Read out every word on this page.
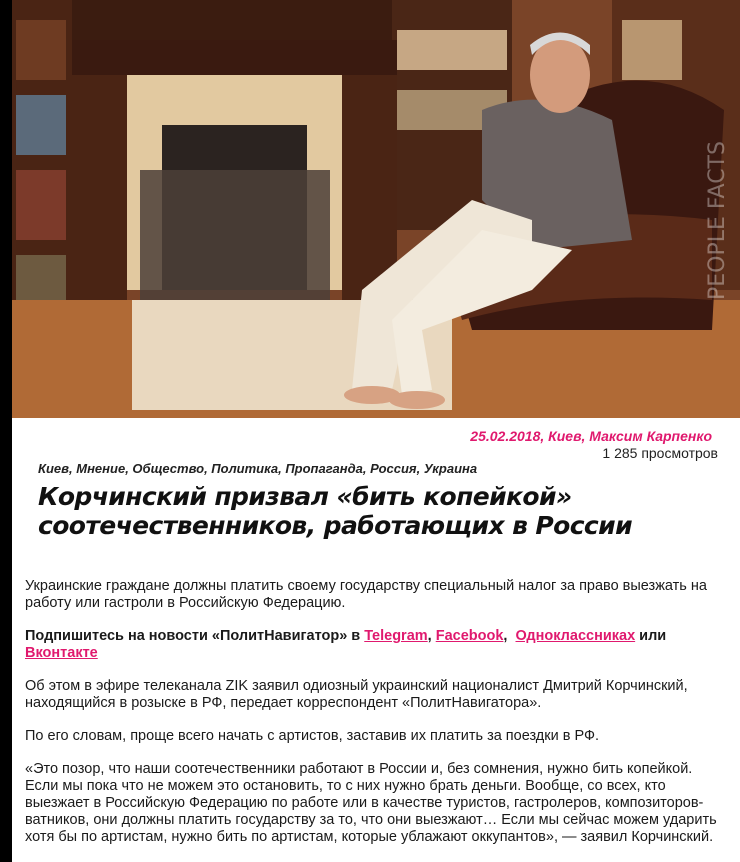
PEOPLE FACTS
25.02.2018, Киев, Максим Карпенко
1 285 просмотров
Киев, Мнение, Общество, Политика, Пропаганда, Россия, Украина
Корчинский призвал «бить копейкой» соотечественников, работающих в России

Украинские граждане должны платить своему государству специальный налог за право выезжать на работу или гастроли в Российскую Федерацию.

Подпишитесь на новости «ПолитНавигатор» в Telegram, Facebook,  Одноклассниках или Вконтакте

Об этом в эфире телеканала ZIK заявил одиозный украинский националист Дмитрий Корчинский, находящийся в розыске в РФ, передает корреспондент «ПолитНавигатора».

По его словам, проще всего начать с артистов, заставив их платить за поездки в РФ.

«Это позор, что наши соотечественники работают в России и, без сомнения, нужно бить копейкой. Если мы пока что не можем это остановить, то с них нужно брать деньги. Вообще, со всех, кто выезжает в Российскую Федерацию по работе или в качестве туристов, гастролеров, композиторов-ватников, они должны платить государству за то, что они выезжают… Если мы сейчас можем ударить хотя бы по артистам, нужно бить по артистам, которые ублажают оккупантов», — заявил Корчинский.
